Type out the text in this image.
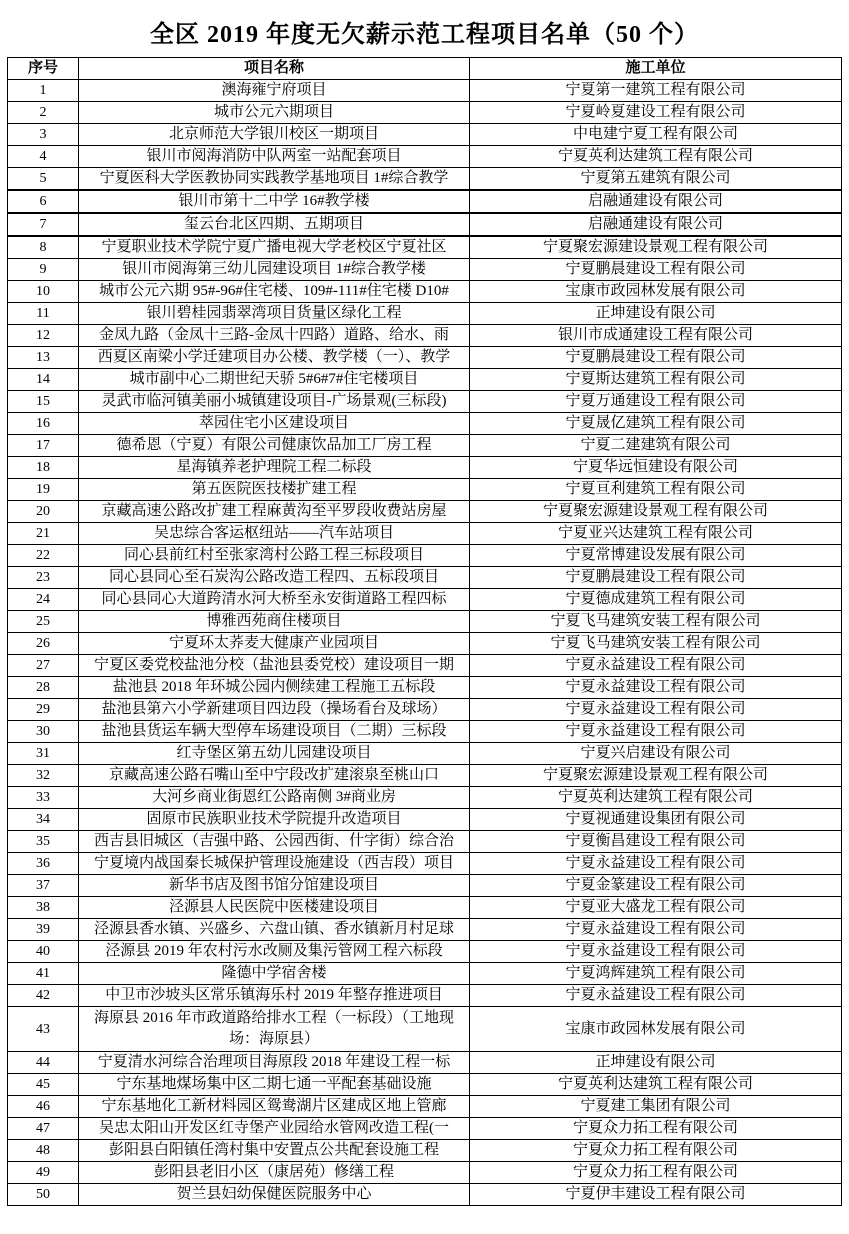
全区 2019 年度无欠薪示范工程项目名单（50 个）
序号	项目名称	施工单位
1	澳海雍宁府项目	宁夏第一建筑工程有限公司
2	城市公元六期项目	宁夏岭夏建设工程有限公司
3	北京师范大学银川校区一期项目	中电建宁夏工程有限公司
4	银川市阅海消防中队两室一站配套项目	宁夏英利达建筑工程有限公司
5	宁夏医科大学医教协同实践教学基地项目 1#综合教学	宁夏第五建筑有限公司
6	银川市第十二中学 16#教学楼	启融通建设有限公司
7	玺云台北区四期、五期项目	启融通建设有限公司
8	宁夏职业技术学院宁夏广播电视大学老校区宁夏社区	宁夏聚宏源建设景观工程有限公司
9	银川市阅海第三幼儿园建设项目 1#综合教学楼	宁夏鹏晨建设工程有限公司
10	城市公元六期 95#-96#住宅楼、109#-111#住宅楼 D10#	宝康市政园林发展有限公司
11	银川碧桂园翡翠湾项目货量区绿化工程	正坤建设有限公司
12	金凤九路（金凤十三路-金凤十四路）道路、给水、雨	银川市成通建设工程有限公司
13	西夏区南梁小学迁建项目办公楼、教学楼（一）、教学	宁夏鹏晨建设工程有限公司
14	城市副中心二期世纪天骄 5#6#7#住宅楼项目	宁夏斯达建筑工程有限公司
15	灵武市临河镇美丽小城镇建设项目-广场景观(三标段)	宁夏万通建设工程有限公司
16	萃园住宅小区建设项目	宁夏晟亿建筑工程有限公司
17	德希恩（宁夏）有限公司健康饮品加工厂房工程	宁夏二建建筑有限公司
18	星海镇养老护理院工程二标段	宁夏华远恒建设有限公司
19	第五医院医技楼扩建工程	宁夏亘利建筑工程有限公司
20	京藏高速公路改扩建工程麻黄沟至平罗段收费站房屋	宁夏聚宏源建设景观工程有限公司
21	吴忠综合客运枢纽站——汽车站项目	宁夏亚兴达建筑工程有限公司
22	同心县前红村至张家湾村公路工程三标段项目	宁夏常博建设发展有限公司
23	同心县同心至石炭沟公路改造工程四、五标段项目	宁夏鹏晨建设工程有限公司
24	同心县同心大道跨清水河大桥至永安街道路工程四标	宁夏德成建筑工程有限公司
25	博雅西苑商住楼项目	宁夏飞马建筑安装工程有限公司
26	宁夏环太荞麦大健康产业园项目	宁夏飞马建筑安装工程有限公司
27	宁夏区委党校盐池分校（盐池县委党校）建设项目一期	宁夏永益建设工程有限公司
28	盐池县 2018 年环城公园内侧续建工程施工五标段	宁夏永益建设工程有限公司
29	盐池县第六小学新建项目四边段（操场看台及球场）	宁夏永益建设工程有限公司
30	盐池县货运车辆大型停车场建设项目（二期）三标段	宁夏永益建设工程有限公司
31	红寺堡区第五幼儿园建设项目	宁夏兴启建设有限公司
32	京藏高速公路石嘴山至中宁段改扩建滚泉至桃山口	宁夏聚宏源建设景观工程有限公司
33	大河乡商业街恩红公路南侧 3#商业房	宁夏英利达建筑工程有限公司
34	固原市民族职业技术学院提升改造项目	宁夏视通建设集团有限公司
35	西吉县旧城区（吉强中路、公园西街、什字街）综合治	宁夏衡昌建设工程有限公司
36	宁夏境内战国秦长城保护管理设施建设（西吉段）项目	宁夏永益建设工程有限公司
37	新华书店及图书馆分馆建设项目	宁夏金篆建设工程有限公司
38	泾源县人民医院中医楼建设项目	宁夏亚大盛龙工程有限公司
39	泾源县香水镇、兴盛乡、六盘山镇、香水镇新月村足球	宁夏永益建设工程有限公司
40	泾源县 2019 年农村污水改厕及集污管网工程六标段	宁夏永益建设工程有限公司
41	隆德中学宿舍楼	宁夏鸿辉建筑工程有限公司
42	中卫市沙坡头区常乐镇海乐村 2019 年整存推进项目	宁夏永益建设工程有限公司
43	海原县 2016 年市政道路给排水工程（一标段）（工地现场：海原县）	宝康市政园林发展有限公司
44	宁夏清水河综合治理项目海原段 2018 年建设工程一标	正坤建设有限公司
45	宁东基地煤场集中区二期七通一平配套基础设施	宁夏英利达建筑工程有限公司
46	宁东基地化工新材料园区鸳鸯湖片区建成区地上管廊	宁夏建工集团有限公司
47	吴忠太阳山开发区红寺堡产业园给水管网改造工程(一	宁夏众力拓工程有限公司
48	彭阳县白阳镇任湾村集中安置点公共配套设施工程	宁夏众力拓工程有限公司
49	彭阳县老旧小区（康居苑）修缮工程	宁夏众力拓工程有限公司
50	贺兰县妇幼保健医院服务中心	宁夏伊丰建设工程有限公司
